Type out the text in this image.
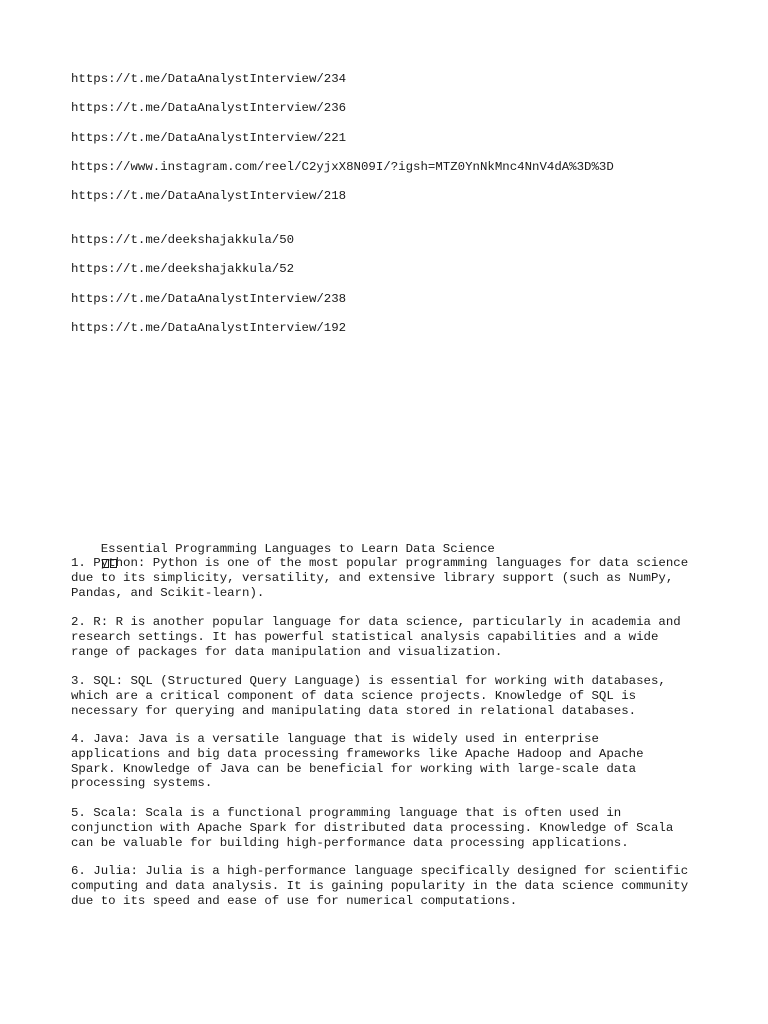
https://t.me/DataAnalystInterview/234
https://t.me/DataAnalystInterview/236
https://t.me/DataAnalystInterview/221
https://www.instagram.com/reel/C2yjxX8N09I/?igsh=MTZ0YnNkMnc4NnV4dA%3D%3D
https://t.me/DataAnalystInterview/218
https://t.me/deekshajakkula/50
https://t.me/deekshajakkula/52
https://t.me/DataAnalystInterview/238
https://t.me/DataAnalystInterview/192

Essential Programming Languages to Learn Data Science

1. Python: Python is one of the most popular programming languages for data science
due to its simplicity, versatility, and extensive library support (such as NumPy,
Pandas, and Scikit-learn).
2. R: R is another popular language for data science, particularly in academia and
research settings. It has powerful statistical analysis capabilities and a wide
range of packages for data manipulation and visualization.
3. SQL: SQL (Structured Query Language) is essential for working with databases,
which are a critical component of data science projects. Knowledge of SQL is
necessary for querying and manipulating data stored in relational databases.
4. Java: Java is a versatile language that is widely used in enterprise
applications and big data processing frameworks like Apache Hadoop and Apache
Spark. Knowledge of Java can be beneficial for working with large-scale data
processing systems.
5. Scala: Scala is a functional programming language that is often used in
conjunction with Apache Spark for distributed data processing. Knowledge of Scala
can be valuable for building high-performance data processing applications.
6. Julia: Julia is a high-performance language specifically designed for scientific
computing and data analysis. It is gaining popularity in the data science community
due to its speed and ease of use for numerical computations.
